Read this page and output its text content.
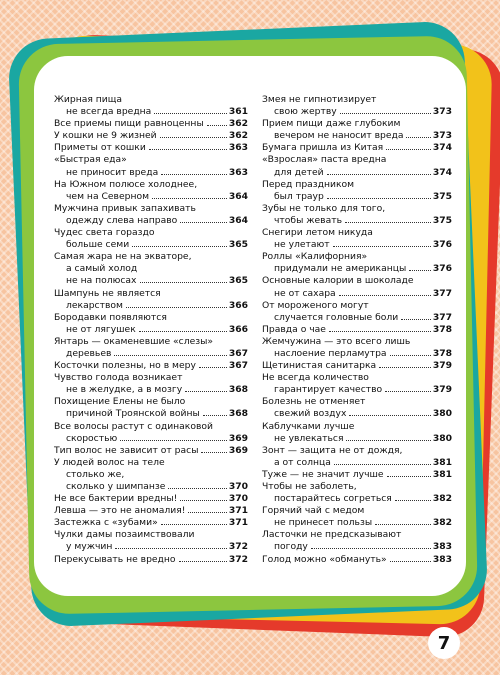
Жирная пища
не всегда вредна	361
Все приемы пищи равноценны	362
У кошки не 9 жизней	362
Приметы от кошки	363
«Быстрая еда»
не приносит вреда	363
На Южном полюсе холоднее,
чем на Северном	364
Мужчина привык запахивать
одежду слева направо	364
Чудес света гораздо
больше семи	365
Самая жара не на экваторе,
а самый холод
не на полюсах	365
Шампунь не является
лекарством	366
Бородавки появляются
не от лягушек	366
Янтарь — окаменевшие «слезы»
деревьев	367
Косточки полезны, но в меру	367
Чувство голода возникает
не в желудке, а в мозгу	368
Похищение Елены не было
причиной Троянской войны	368
Все волосы растут с одинаковой
скоростью	369
Тип волос не зависит от расы	369
У людей волос на теле
столько же,
сколько у шимпанзе	370
Не все бактерии вредны!	370
Левша — это не аномалия!	371
Застежка с «зубами»	371
Чулки дамы позаимствовали
у мужчин	372
Перекусывать не вредно	372
Змея не гипнотизирует
свою жертву	373
Прием пищи даже глубоким
вечером не наносит вреда	373
Бумага пришла из Китая	374
«Взрослая» паста вредна
для детей	374
Перед праздником
был траур	375
Зубы не только для того,
чтобы жевать	375
Снегири летом никуда
не улетают	376
Роллы «Калифорния»
придумали не американцы	376
Основные калории в шоколаде
не от сахара	377
От мороженого могут
случается головные боли	377
Правда о чае	378
Жемчужина — это всего лишь
наслоение перламутра	378
Щетинистая санитарка	379
Не всегда количество
гарантирует качество	379
Болезнь не отменяет
свежий воздух	380
Каблучками лучше
не увлекаться	380
Зонт — защита не от дождя,
а от солнца	381
Тужe — не значит лучше	381
Чтобы не заболеть,
постарайтесь согреться	382
Горячий чай с медом
не принесет пользы	382
Ласточки не предсказывают
погоду	383
Голод можно «обмануть»	383
7
